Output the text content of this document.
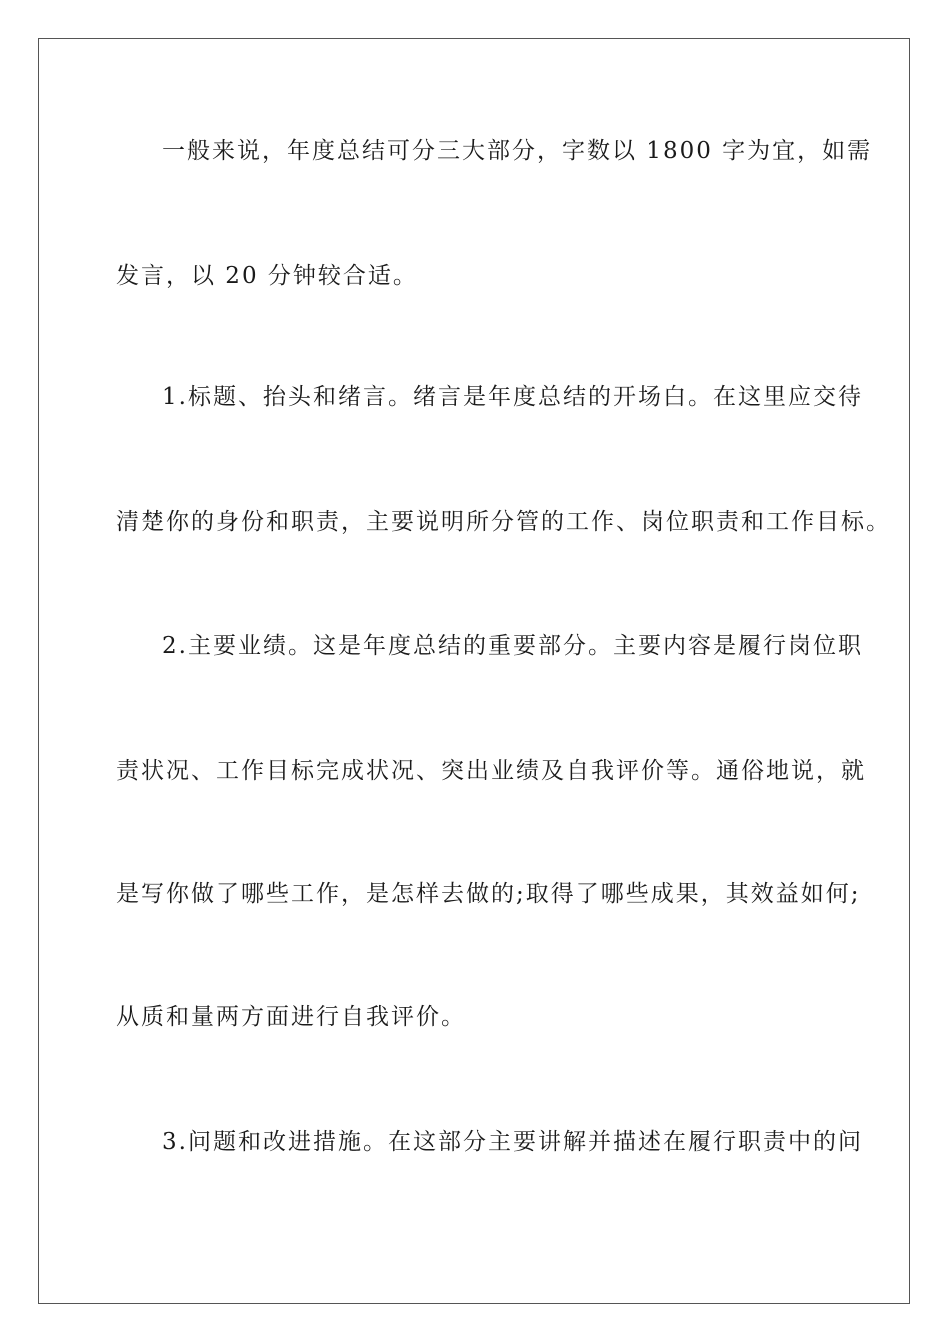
一般来说，年度总结可分三大部分，字数以 1800 字为宜，如需
发言，以 20 分钟较合适。
1.标题、抬头和绪言。绪言是年度总结的开场白。在这里应交待
清楚你的身份和职责，主要说明所分管的工作、岗位职责和工作目标。
2.主要业绩。这是年度总结的重要部分。主要内容是履行岗位职
责状况、工作目标完成状况、突出业绩及自我评价等。通俗地说，就
是写你做了哪些工作，是怎样去做的;取得了哪些成果，其效益如何;
从质和量两方面进行自我评价。
3.问题和改进措施。在这部分主要讲解并描述在履行职责中的问
